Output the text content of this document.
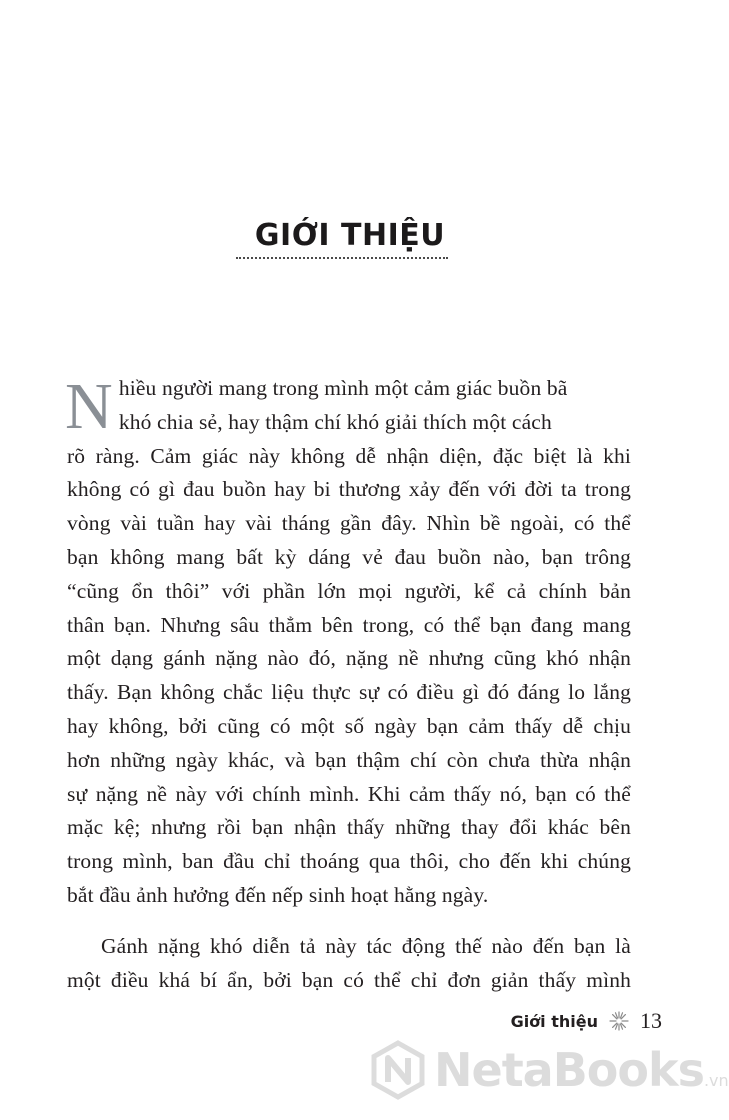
GIỚI THIỆU
N hiều người mang trong mình một cảm giác buồn bã
khó chia sẻ, hay thậm chí khó giải thích một cách
rõ ràng. Cảm giác này không dễ nhận diện, đặc biệt là khi
không có gì đau buồn hay bi thương xảy đến với đời ta trong
vòng vài tuần hay vài tháng gần đây. Nhìn bề ngoài, có thể
bạn không mang bất kỳ dáng vẻ đau buồn nào, bạn trông
“cũng ổn thôi” với phần lớn mọi người, kể cả chính bản
thân bạn. Nhưng sâu thẳm bên trong, có thể bạn đang mang
một dạng gánh nặng nào đó, nặng nề nhưng cũng khó nhận
thấy. Bạn không chắc liệu thực sự có điều gì đó đáng lo lắng
hay không, bởi cũng có một số ngày bạn cảm thấy dễ chịu
hơn những ngày khác, và bạn thậm chí còn chưa thừa nhận
sự nặng nề này với chính mình. Khi cảm thấy nó, bạn có thể
mặc kệ; nhưng rồi bạn nhận thấy những thay đổi khác bên
trong mình, ban đầu chỉ thoáng qua thôi, cho đến khi chúng
bắt đầu ảnh hưởng đến nếp sinh hoạt hằng ngày.
Gánh nặng khó diễn tả này tác động thế nào đến bạn là
một điều khá bí ẩn, bởi bạn có thể chỉ đơn giản thấy mình
Giới thiệu 13
NetaBooks.vn
